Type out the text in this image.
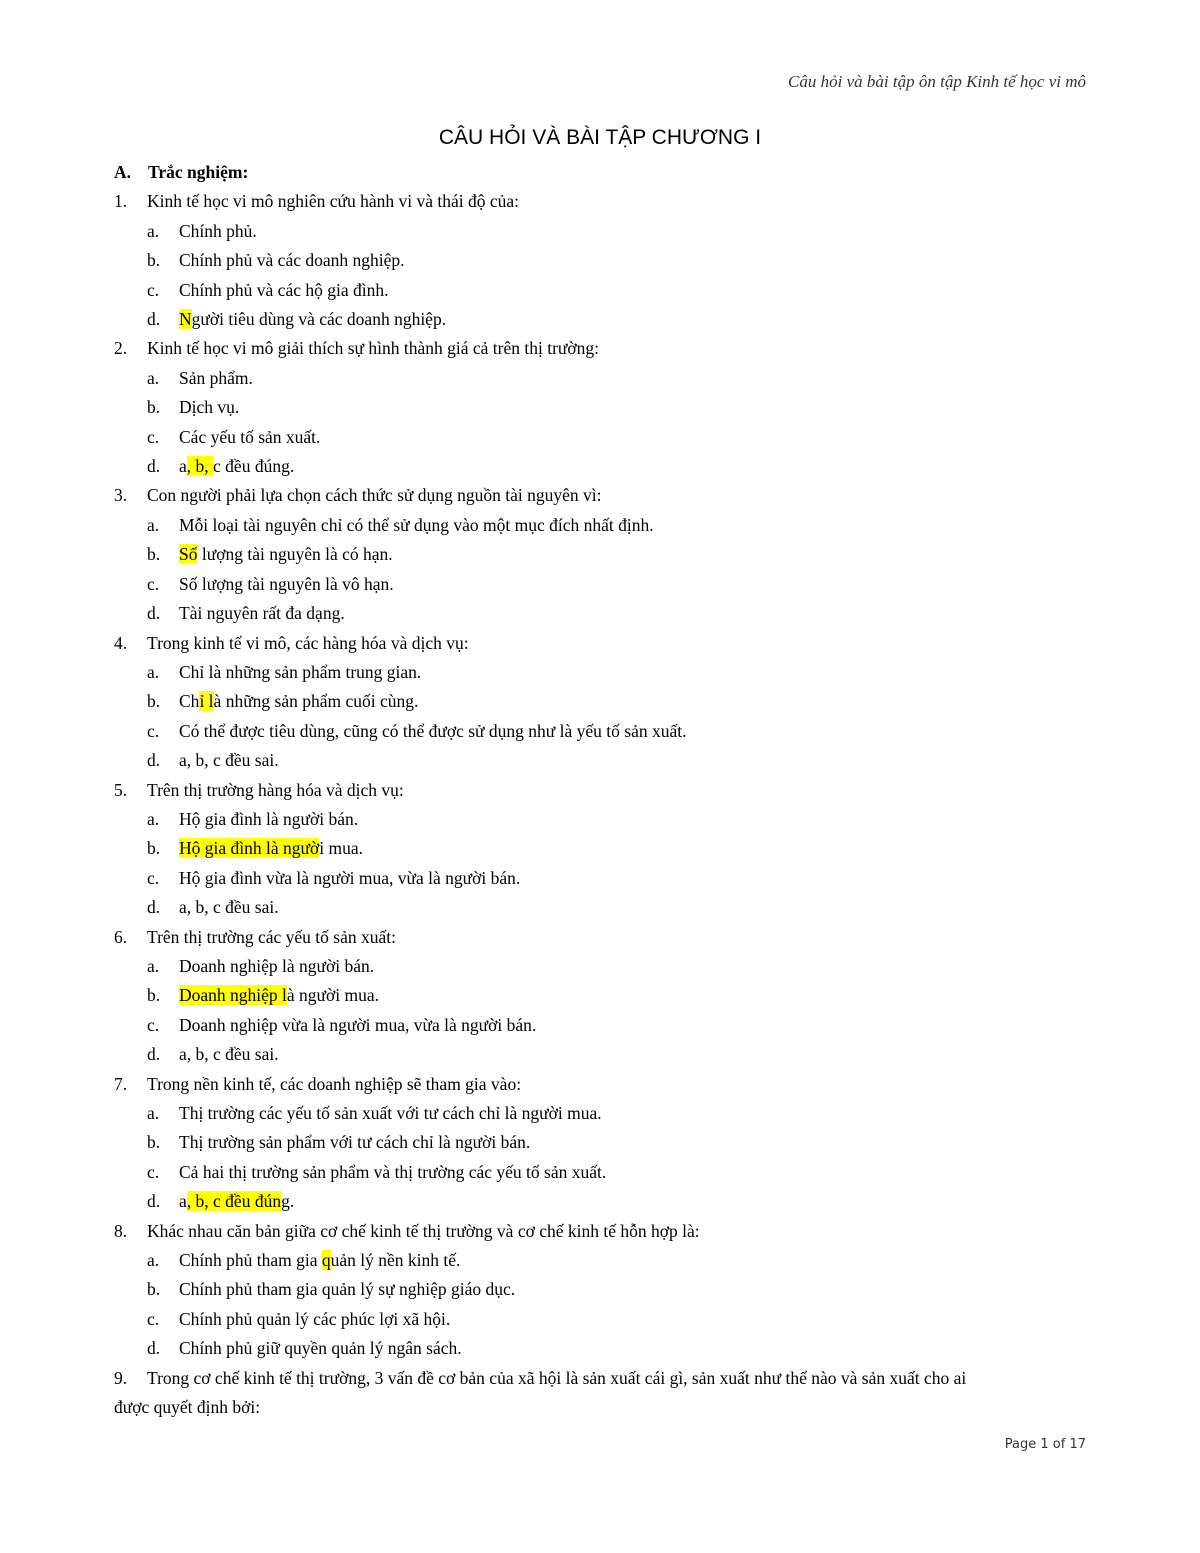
Câu hỏi và bài tập ôn tập Kinh tế học vi mô
CÂU HỎI VÀ BÀI TẬP CHƯƠNG I
A. Trắc nghiệm:
1.	Kinh tế học vi mô nghiên cứu hành vi và thái độ của:
a.	Chính phủ.
b.	Chính phủ và các doanh nghiệp.
c.	Chính phủ và các hộ gia đình.
d.	Người tiêu dùng và các doanh nghiệp.
2.	Kinh tế học vi mô giải thích sự hình thành giá cả trên thị trường:
a.	Sản phẩm.
b.	Dịch vụ.
c.	Các yếu tố sản xuất.
d.	a, b, c đều đúng.
3.	Con người phải lựa chọn cách thức sử dụng nguồn tài nguyên vì:
a.	Mỗi loại tài nguyên chỉ có thể sử dụng vào một mục đích nhất định.
b.	Số lượng tài nguyên là có hạn.
c.	Số lượng tài nguyên là vô hạn.
d.	Tài nguyên rất đa dạng.
4.	Trong kinh tế vi mô, các hàng hóa và dịch vụ:
a.	Chỉ là những sản phẩm trung gian.
b.	Chỉ là những sản phẩm cuối cùng.
c.	Có thể được tiêu dùng, cũng có thể được sử dụng như là yếu tố sản xuất.
d.	a, b, c đều sai.
5.	Trên thị trường hàng hóa và dịch vụ:
a.	Hộ gia đình là người bán.
b.	Hộ gia đình là người mua.
c.	Hộ gia đình vừa là người mua, vừa là người bán.
d.	a, b, c đều sai.
6.	Trên thị trường các yếu tố sản xuất:
a.	Doanh nghiệp là người bán.
b.	Doanh nghiệp là người mua.
c.	Doanh nghiệp vừa là người mua, vừa là người bán.
d.	a, b, c đều sai.
7.	Trong nền kinh tế, các doanh nghiệp sẽ tham gia vào:
a.	Thị trường các yếu tố sản xuất với tư cách chỉ là người mua.
b.	Thị trường sản phẩm với tư cách chỉ là người bán.
c.	Cả hai thị trường sản phẩm và thị trường các yếu tố sản xuất.
d.	a, b, c đều đúng.
8.	Khác nhau căn bản giữa cơ chế kinh tế thị trường và cơ chế kinh tế hỗn hợp là:
a.	Chính phủ tham gia quản lý nền kinh tế.
b.	Chính phủ tham gia quản lý sự nghiệp giáo dục.
c.	Chính phủ quản lý các phúc lợi xã hội.
d.	Chính phủ giữ quyền quản lý ngân sách.
9. Trong cơ chế kinh tế thị trường, 3 vấn đề cơ bản của xã hội là sản xuất cái gì, sản xuất như thế nào và sản xuất cho ai
được quyết định bởi:
Page 1 of 17
